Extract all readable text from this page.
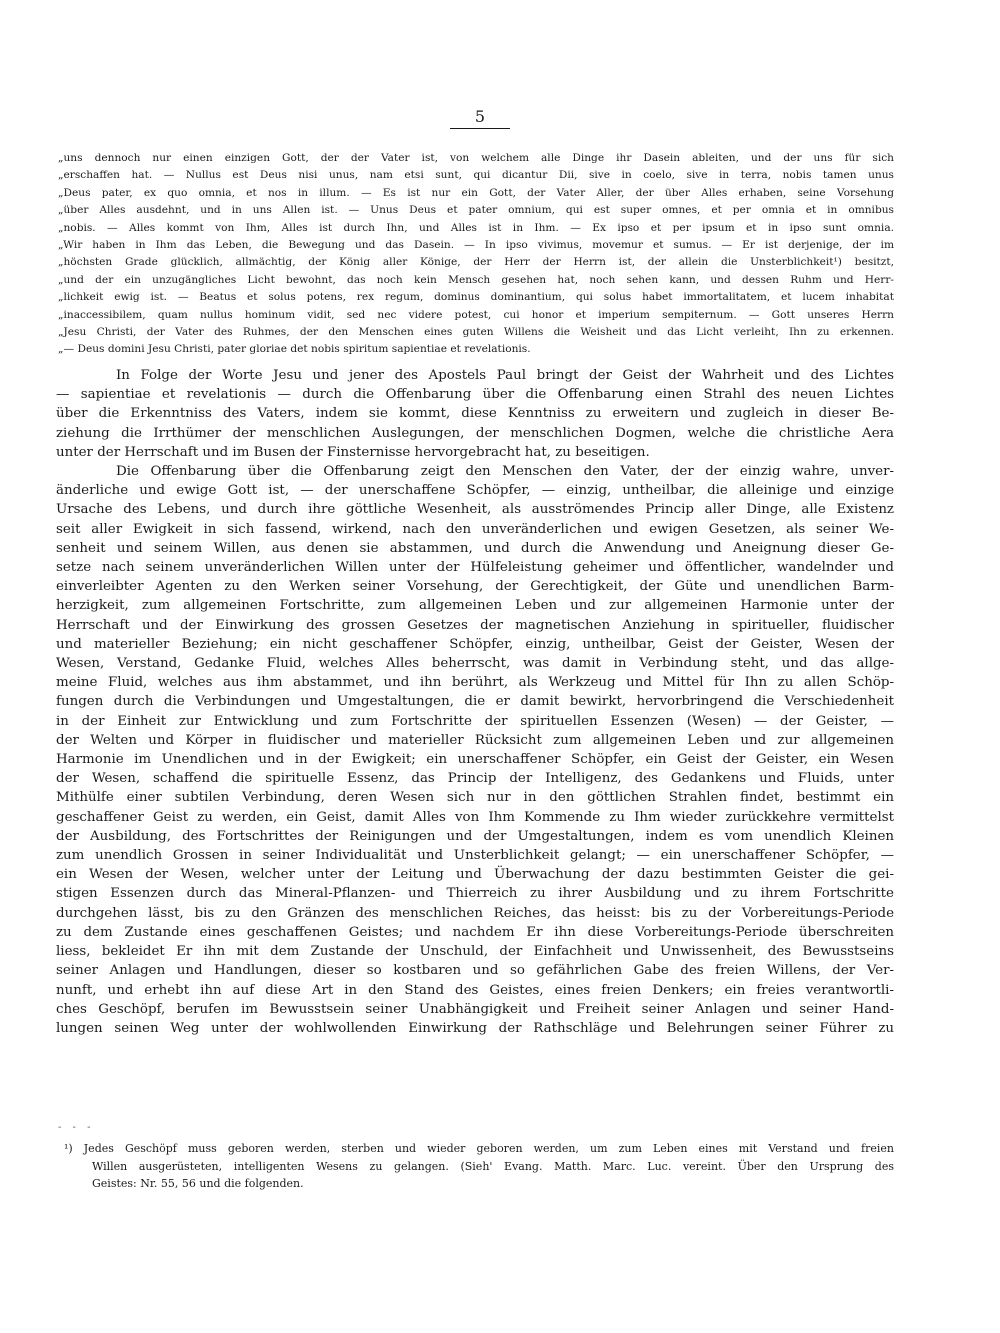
5
„uns dennoch nur einen einzigen Gott, der der Vater ist, von welchem alle Dinge ihr Dasein ableiten, und der uns für sich
„erschaffen hat. — Nullus est Deus nisi unus, nam etsi sunt, qui dicantur Dii, sive in coelo, sive in terra, nobis tamen unus
„Deus pater, ex quo omnia, et nos in illum. — Es ist nur ein Gott, der Vater Aller, der über Alles erhaben, seine Vorsehung
„über Alles ausdehnt, und in uns Allen ist. — Unus Deus et pater omnium, qui est super omnes, et per omnia et in omnibus
„nobis. — Alles kommt von Ihm, Alles ist durch Ihn, und Alles ist in Ihm. — Ex ipso et per ipsum et in ipso sunt omnia.
„Wir haben in Ihm das Leben, die Bewegung und das Dasein. — In ipso vivimus, movemur et sumus. — Er ist derjenige, der im
„höchsten Grade glücklich, allmächtig, der König aller Könige, der Herr der Herrn ist, der allein die Unsterblichkeit¹) besitzt,
„und der ein unzugängliches Licht bewohnt, das noch kein Mensch gesehen hat, noch sehen kann, und dessen Ruhm und Herr-
„lichkeit ewig ist. — Beatus et solus potens, rex regum, dominus dominantium, qui solus habet immortalitatem, et lucem inhabitat
„inaccessibilem, quam nullus hominum vidit, sed nec videre potest, cui honor et imperium sempiternum. — Gott unseres Herrn
„Jesu Christi, der Vater des Ruhmes, der den Menschen eines guten Willens die Weisheit und das Licht verleiht, Ihn zu erkennen.
„— Deus domini Jesu Christi, pater gloriae det nobis spiritum sapientiae et revelationis.
In Folge der Worte Jesu und jener des Apostels Paul bringt der Geist der Wahrheit und des Lichtes
— sapientiae et revelationis — durch die Offenbarung über die Offenbarung einen Strahl des neuen Lichtes
über die Erkenntniss des Vaters, indem sie kommt, diese Kenntniss zu erweitern und zugleich in dieser Be-
ziehung die Irrthümer der menschlichen Auslegungen, der menschlichen Dogmen, welche die christliche Aera
unter der Herrschaft und im Busen der Finsternisse hervorgebracht hat, zu beseitigen.
Die Offenbarung über die Offenbarung zeigt den Menschen den Vater, der der einzig wahre, unver-
änderliche und ewige Gott ist, — der unerschaffene Schöpfer, — einzig, untheilbar, die alleinige und einzige
Ursache des Lebens, und durch ihre göttliche Wesenheit, als ausströmendes Princip aller Dinge, alle Existenz
seit aller Ewigkeit in sich fassend, wirkend, nach den unveränderlichen und ewigen Gesetzen, als seiner We-
senheit und seinem Willen, aus denen sie abstammen, und durch die Anwendung und Aneignung dieser Ge-
setze nach seinem unveränderlichen Willen unter der Hülfeleistung geheimer und öffentlicher, wandelnder und
einverleibter Agenten zu den Werken seiner Vorsehung, der Gerechtigkeit, der Güte und unendlichen Barm-
herzigkeit, zum allgemeinen Fortschritte, zum allgemeinen Leben und zur allgemeinen Harmonie unter der
Herrschaft und der Einwirkung des grossen Gesetzes der magnetischen Anziehung in spiritueller, fluidischer
und materieller Beziehung; ein nicht geschaffener Schöpfer, einzig, untheilbar, Geist der Geister, Wesen der
Wesen, Verstand, Gedanke Fluid, welches Alles beherrscht, was damit in Verbindung steht, und das allge-
meine Fluid, welches aus ihm abstammet, und ihn berührt, als Werkzeug und Mittel für Ihn zu allen Schöp-
fungen durch die Verbindungen und Umgestaltungen, die er damit bewirkt, hervorbringend die Verschiedenheit
in der Einheit zur Entwicklung und zum Fortschritte der spirituellen Essenzen (Wesen) — der Geister, —
der Welten und Körper in fluidischer und materieller Rücksicht zum allgemeinen Leben und zur allgemeinen
Harmonie im Unendlichen und in der Ewigkeit; ein unerschaffener Schöpfer, ein Geist der Geister, ein Wesen
der Wesen, schaffend die spirituelle Essenz, das Princip der Intelligenz, des Gedankens und Fluids, unter
Mithülfe einer subtilen Verbindung, deren Wesen sich nur in den göttlichen Strahlen findet, bestimmt ein
geschaffener Geist zu werden, ein Geist, damit Alles von Ihm Kommende zu Ihm wieder zurückkehre vermittelst
der Ausbildung, des Fortschrittes der Reinigungen und der Umgestaltungen, indem es vom unendlich Kleinen
zum unendlich Grossen in seiner Individualität und Unsterblichkeit gelangt; — ein unerschaffener Schöpfer, —
ein Wesen der Wesen, welcher unter der Leitung und Überwachung der dazu bestimmten Geister die gei-
stigen Essenzen durch das Mineral-Pflanzen- und Thierreich zu ihrer Ausbildung und zu ihrem Fortschritte
durchgehen lässt, bis zu den Gränzen des menschlichen Reiches, das heisst: bis zu der Vorbereitungs-Periode
zu dem Zustande eines geschaffenen Geistes; und nachdem Er ihn diese Vorbereitungs-Periode überschreiten
liess, bekleidet Er ihn mit dem Zustande der Unschuld, der Einfachheit und Unwissenheit, des Bewusstseins
seiner Anlagen und Handlungen, dieser so kostbaren und so gefährlichen Gabe des freien Willens, der Ver-
nunft, und erhebt ihn auf diese Art in den Stand des Geistes, eines freien Denkers; ein freies verantwortli-
ches Geschöpf, berufen im Bewusstsein seiner Unabhängigkeit und Freiheit seiner Anlagen und seiner Hand-
lungen seinen Weg unter der wohlwollenden Einwirkung der Rathschläge und Belehrungen seiner Führer zu
- - -
¹) Jedes Geschöpf muss geboren werden, sterben und wieder geboren werden, um zum Leben eines mit Verstand und freien
Willen ausgerüsteten, intelligenten Wesens zu gelangen. (Sieh' Evang. Matth. Marc. Luc. vereint. Über den Ursprung des
Geistes: Nr. 55, 56 und die folgenden.
